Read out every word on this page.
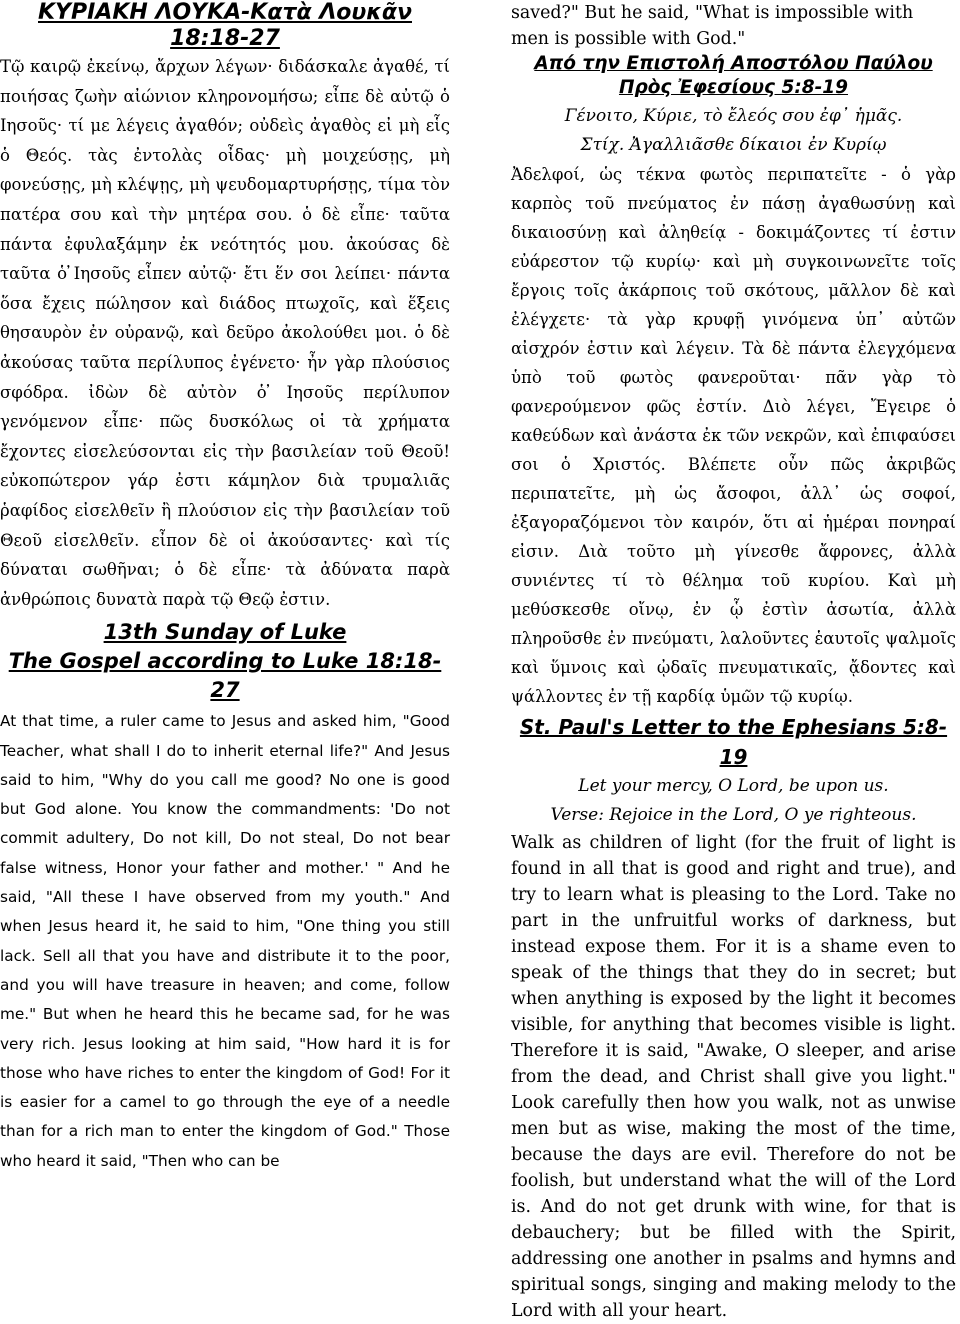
ΚΥΡΙΑΚΗ ΛΟΥΚΑ-Κατὰ Λουκᾶν 18:18-27

Τῷ καιρῷ ἐκείνῳ, ἄρχων λέγων· διδάσκαλε ἀγαθέ, τί ποιήσας ζωὴν αἰώνιον κληρονομήσω; εἶπε δὲ αὐτῷ ὁ ̓Ιησοῦς· τί με λέγεις ἀγαθόν; οὐδεὶς ἀγαθὸς εἰ μὴ εἷς ὁ Θεός. τὰς ἐντολὰς οἶδας· μὴ μοιχεύσῃς, μὴ φονεύσῃς, μὴ κλέψῃς, μὴ ψευδομαρτυρήσῃς, τίμα τὸν πατέρα σου καὶ τὴν μητέρα σου. ὁ δὲ εἶπε· ταῦτα πάντα ἐφυλαξάμην ἐκ νεότητός μου. ἀκούσας δὲ ταῦτα ὁ ̓Ιησοῦς εἶπεν αὐτῷ· ἔτι ἕν σοι λείπει· πάντα ὅσα ἔχεις πώλησον καὶ διάδος πτωχοῖς, καὶ ἕξεις θησαυρὸν ἐν οὐρανῷ, καὶ δεῦρο ἀκολούθει μοι. ὁ δὲ ἀκούσας ταῦτα περίλυπος ἐγένετο· ἦν γὰρ πλούσιος σφόδρα. ἰδὼν δὲ αὐτὸν ὁ ̓Ιησοῦς περίλυπον γενόμενον εἶπε· πῶς δυσκόλως οἱ τὰ χρήματα ἔχοντες εἰσελεύσονται εἰς τὴν βασιλείαν τοῦ Θεοῦ! εὐκοπώτερον γάρ ἐστι κάμηλον διὰ τρυμαλιᾶς ῥαφίδος εἰσελθεῖν ἢ πλούσιον εἰς τὴν βασιλείαν τοῦ Θεοῦ εἰσελθεῖν. εἶπον δὲ οἱ ἀκούσαντες· καὶ τίς δύναται σωθῆναι; ὁ δὲ εἶπε· τὰ ἀδύνατα παρὰ ἀνθρώποις δυνατὰ παρὰ τῷ Θεῷ ἐστιν.

13th Sunday of Luke
The Gospel according to Luke 18:18-27

At that time, a ruler came to Jesus and asked him, "Good Teacher, what shall I do to inherit eternal life?" And Jesus said to him, "Why do you call me good? No one is good but God alone. You know the commandments: 'Do not commit adultery, Do not kill, Do not steal, Do not bear false witness, Honor your father and mother.' " And he said, "All these I have observed from my youth." And when Jesus heard it, he said to him, "One thing you still lack. Sell all that you have and distribute it to the poor, and you will have treasure in heaven; and come, follow me." But when he heard this he became sad, for he was very rich. Jesus looking at him said, "How hard it is for those who have riches to enter the kingdom of God! For it is easier for a camel to go through the eye of a needle than for a rich man to enter the kingdom of God." Those who heard it said, "Then who can be

saved?" But he said, "What is impossible with men is possible with God."

Από την Επιστολή Αποστόλου Παύλου Πρὸς Ἐφεσίους 5:8-19

Γένοιτο, Κύριε, τὸ ἔλεός σου ἐφ᾿ ἡμᾶς.

Στίχ. Ἀγαλλιᾶσθε δίκαιοι ἐν Κυρίῳ

Ἀδελφοί, ὡς τέκνα φωτὸς περιπατεῖτε - ὁ γὰρ καρπὸς τοῦ πνεύματος ἐν πάσῃ ἀγαθωσύνῃ καὶ δικαιοσύνῃ καὶ ἀληθείᾳ - δοκιμάζοντες τί ἐστιν εὐάρεστον τῷ κυρίῳ· καὶ μὴ συγκοινωνεῖτε τοῖς ἔργοις τοῖς ἀκάρποις τοῦ σκότους, μᾶλλον δὲ καὶ ἐλέγχετε· τὰ γὰρ κρυφῇ γινόμενα ὑπ᾿ αὐτῶν αἰσχρόν ἐστιν καὶ λέγειν. Τὰ δὲ πάντα ἐλεγχόμενα ὑπὸ τοῦ φωτὸς φανεροῦται· πᾶν γὰρ τὸ φανερούμενον φῶς ἐστίν. Διὸ λέγει, Ἔγειρε ὁ καθεύδων καὶ ἀνάστα ἐκ τῶν νεκρῶν, καὶ ἐπιφαύσει σοι ὁ Χριστός. Βλέπετε οὖν πῶς ἀκριβῶς περιπατεῖτε, μὴ ὡς ἄσοφοι, ἀλλ᾿ ὡς σοφοί, ἐξαγοραζόμενοι τὸν καιρόν, ὅτι αἱ ἡμέραι πονηραί εἰσιν. Διὰ τοῦτο μὴ γίνεσθε ἄφρονες, ἀλλὰ συνιέντες τί τὸ θέλημα τοῦ κυρίου. Καὶ μὴ μεθύσκεσθε οἴνῳ, ἐν ᾧ ἐστὶν ἀσωτία, ἀλλὰ πληροῦσθε ἐν πνεύματι, λαλοῦντες ἑαυτοῖς ψαλμοῖς καὶ ὕμνοις καὶ ᾠδαῖς πνευματικαῖς, ᾄδοντες καὶ ψάλλοντες ἐν τῇ καρδίᾳ ὑμῶν τῷ κυρίῳ.

St. Paul's Letter to the Ephesians 5:8-19

Let your mercy, O Lord, be upon us.

Verse: Rejoice in the Lord, O ye righteous.

Walk as children of light (for the fruit of light is found in all that is good and right and true), and try to learn what is pleasing to the Lord. Take no part in the unfruitful works of darkness, but instead expose them. For it is a shame even to speak of the things that they do in secret; but when anything is exposed by the light it becomes visible, for anything that becomes visible is light. Therefore it is said, "Awake, O sleeper, and arise from the dead, and Christ shall give you light." Look carefully then how you walk, not as unwise men but as wise, making the most of the time, because the days are evil. Therefore do not be foolish, but understand what the will of the Lord is. And do not get drunk with wine, for that is debauchery; but be filled with the Spirit, addressing one another in psalms and hymns and spiritual songs, singing and making melody to the Lord with all your heart.
